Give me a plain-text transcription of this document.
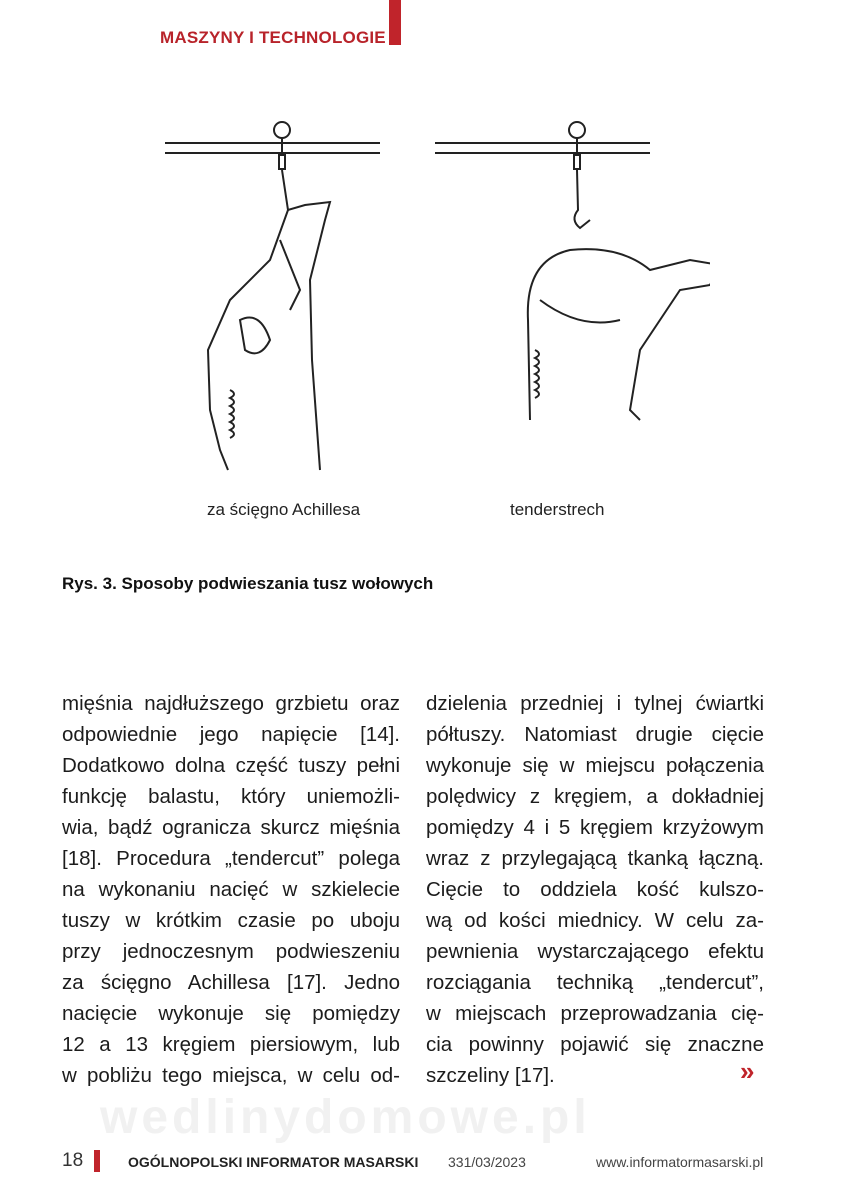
MASZYNY I TECHNOLOGIE
za ścięgno Achillesa	tenderstrech
Rys. 3. Sposoby podwieszania tusz wołowych
mięśnia najdłuższego grzbietu oraz
odpowiednie jego napięcie [14].
Dodatkowo dolna część tuszy pełni
funkcję balastu, który uniemożli-
wia, bądź ogranicza skurcz mięśnia
[18]. Procedura „tendercut” polega
na wykonaniu nacięć w szkielecie
tuszy w krótkim czasie po uboju
przy jednoczesnym podwieszeniu
za ścięgno Achillesa [17]. Jedno
nacięcie wykonuje się pomiędzy
12 a 13 kręgiem piersiowym, lub
w pobliżu tego miejsca, w celu od-
dzielenia przedniej i tylnej ćwiartki
półtuszy. Natomiast drugie cięcie
wykonuje się w miejscu połączenia
polędwicy z kręgiem, a dokładniej
pomiędzy 4 i 5 kręgiem krzyżowym
wraz z przylegającą tkanką łączną.
Cięcie to oddziela kość kulszo-
wą od kości miednicy. W celu za-
pewnienia wystarczającego efektu
rozciągania techniką „tendercut”,
w miejscach przeprowadzania cię-
cia powinny pojawić się znaczne
szczeliny [17].	»
wedlinydomowe.pl
18	OGÓLNOPOLSKI INFORMATOR MASARSKI 331/03/2023	www.informatormasarski.pl
